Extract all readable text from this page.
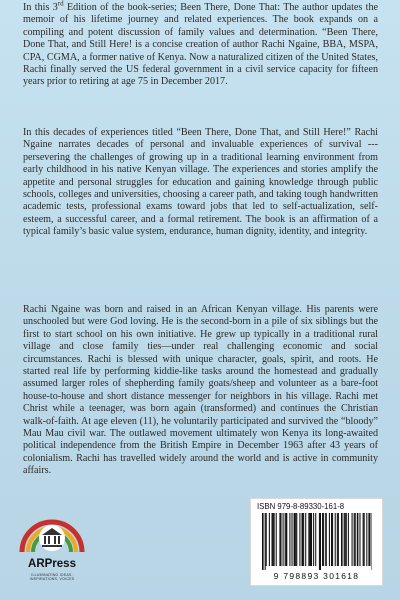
In this 3rd Edition of the book-series; Been There, Done That: The author updates the memoir of his lifetime journey and related experiences. The book expands on a compiling and potent discussion of family values and determination. “Been There, Done That, and Still Here! is a concise creation of author Rachi Ngaine, BBA, MSPA, CPA, CGMA, a former native of Kenya. Now a naturalized citizen of the United States, Rachi finally served the US federal government in a civil service capacity for fifteen years prior to retiring at age 75 in December 2017.

In this decades of experiences titled “Been There, Done That, and Still Here!” Rachi Ngaine narrates decades of personal and invaluable experiences of survival ---persevering the challenges of growing up in a traditional learning environment from early childhood in his native Kenyan village. The experiences and stories amplify the appetite and personal struggles for education and gaining knowledge through public schools, colleges and universities, choosing a career path, and taking tough handwritten academic tests, professional exams toward jobs that led to self-actualization, self-esteem, a successful career, and a formal retirement. The book is an affirmation of a typical family’s basic value system, endurance, human dignity, identity, and integrity.

Rachi Ngaine was born and raised in an African Kenyan village. His parents were unschooled but were God loving. He is the second-born in a pile of six siblings but the first to start school on his own initiative. He grew up typically in a traditional rural village and close family ties—under real challenging economic and social circumstances. Rachi is blessed with unique character, goals, spirit, and roots. He started real life by performing kiddie-like tasks around the homestead and gradually assumed larger roles of shepherding family goats/sheep and volunteer as a bare-foot house-to-house and short distance messenger for neighbors in his village. Rachi met Christ while a teenager, was born again (transformed) and continues the Christian walk-of-faith. At age eleven (11), he voluntarily participated and survived the “bloody” Mau Mau civil war. The outlawed movement ultimately won Kenya its long-awaited political independence from the British Empire in December 1963 after 43 years of colonialism. Rachi has travelled widely around the world and is active in community affairs.

ARPress
ILLUMINATING IDEAS,
INSPIRATIONS, VOICES
ISBN 979-8-89330-161-8
9 798893 301618
